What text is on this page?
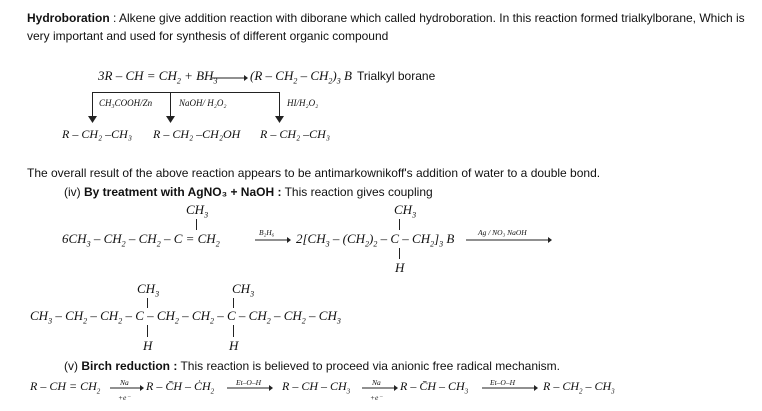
Hydroboration : Alkene give addition reaction with diborane which called hydroboration. In this reaction formed trialkylborane, Which is
very important and used for synthesis of different organic compound
3R – CH = $CH_2 + BH_3 \to (R - CH_2 - CH_2)_3$ B Trialkyl borane
CH₃COOH/Zn	NaOH/ H₂O₂	HI/H₂O₂
R – CH₂ –CH₃ R – CH₂ –CH₂OH R – CH₂ –CH₃
The overall result of the above reaction appears to be antimarkownikoff's addition of water to a double bond.
(iv) By treatment with AgNO₃ + NaOH : This reaction gives coupling
$CH_3$	$CH_3$
$6CH_3 - CH_2 - CH_2 - C = CH_2$
B₂H₆ $2[CH_3 - (CH_2)_2$ – C – $CH_2]_3$ B	Ag / NO₃ NaOH
H
$CH_3$	$CH_3$
$CH_3 - CH_2 - CH_2$ – C – $CH_2 - CH_2$ – C – $CH_2 - CH_2 - CH_3$
H	H
(v) Birch reduction : This reaction is believed to proceed via anionic free radical mechanism.
R – CH = $CH_2$
Na
+e⁻
R – C̄H – $ĊH_2$
Et–O–H R – CH – $CH_3$
Na
+e⁻
R – C̄H – $CH_3$
Et–O–H R – $CH_2 - CH_3$
